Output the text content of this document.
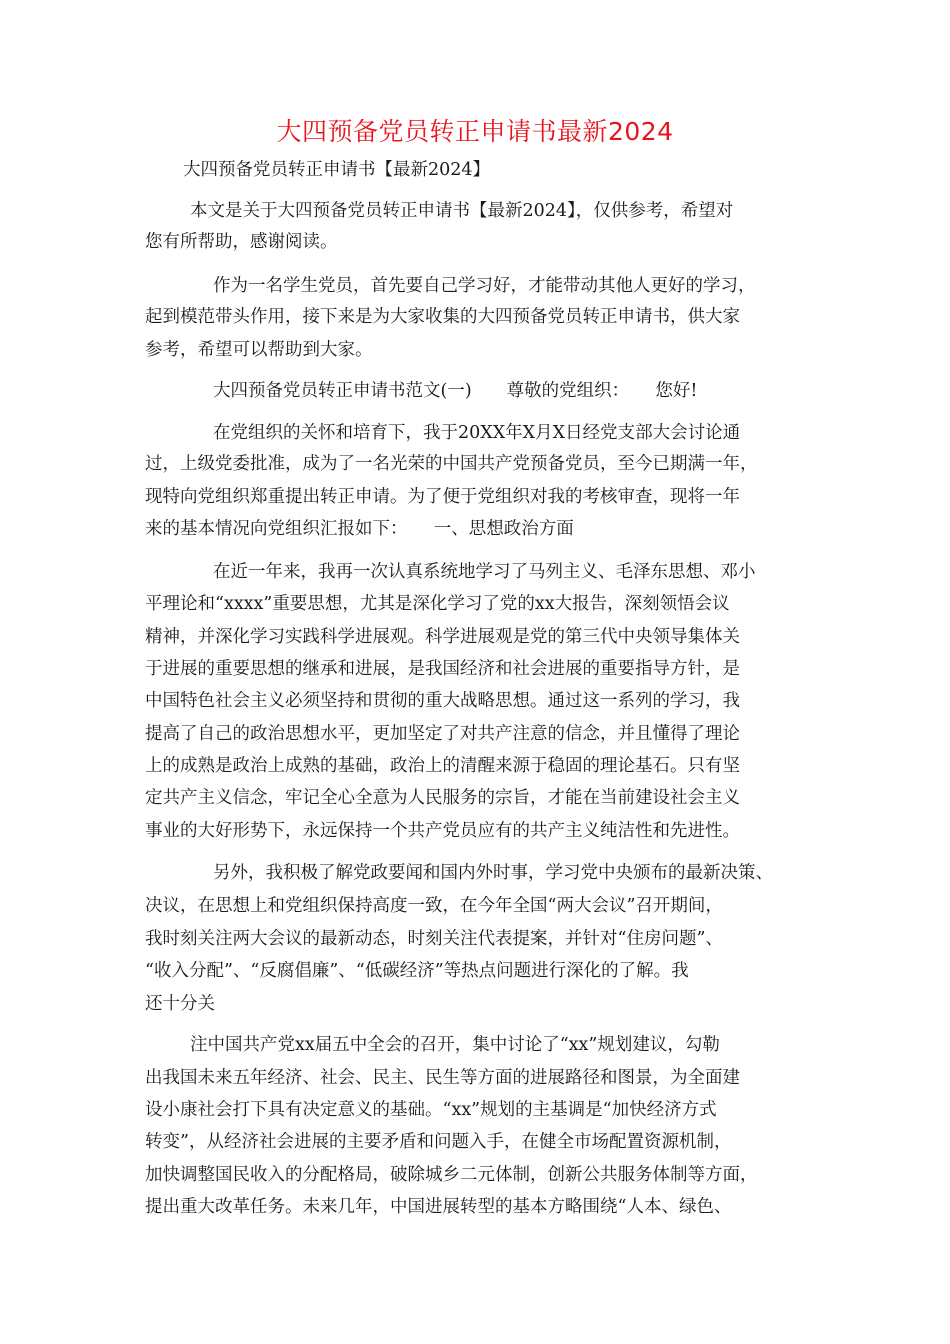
大四预备党员转正申请书最新2024
大四预备党员转正申请书【最新2024】
本文是关于大四预备党员转正申请书【最新2024】，仅供参考，希望对
您有所帮助，感谢阅读。
作为一名学生党员，首先要自己学习好，才能带动其他人更好的学习，
起到模范带头作用，接下来是为大家收集的大四预备党员转正申请书，供大家
参考，希望可以帮助到大家。
大四预备党员转正申请书范文(一)　　尊敬的党组织：　　您好!
在党组织的关怀和培育下，我于20XX年X月X日经党支部大会讨论通
过，上级党委批准，成为了一名光荣的中国共产党预备党员，至今已期满一年，
现特向党组织郑重提出转正申请。为了便于党组织对我的考核审查，现将一年
来的基本情况向党组织汇报如下：　　一、思想政治方面
在近一年来，我再一次认真系统地学习了马列主义、毛泽东思想、邓小
平理论和“xxxx”重要思想，尤其是深化学习了党的xx大报告，深刻领悟会议
精神，并深化学习实践科学进展观。科学进展观是党的第三代中央领导集体关
于进展的重要思想的继承和进展，是我国经济和社会进展的重要指导方针，是
中国特色社会主义必须坚持和贯彻的重大战略思想。通过这一系列的学习，我
提高了自己的政治思想水平，更加坚定了对共产注意的信念，并且懂得了理论
上的成熟是政治上成熟的基础，政治上的清醒来源于稳固的理论基石。只有坚
定共产主义信念，牢记全心全意为人民服务的宗旨，才能在当前建设社会主义
事业的大好形势下，永远保持一个共产党员应有的共产主义纯洁性和先进性。
另外，我积极了解党政要闻和国内外时事，学习党中央颁布的最新决策、
决议，在思想上和党组织保持高度一致，在今年全国“两大会议”召开期间，
我时刻关注两大会议的最新动态，时刻关注代表提案，并针对“住房问题”、
“收入分配”、“反腐倡廉”、“低碳经济”等热点问题进行深化的了解。我
还十分关
注中国共产党xx届五中全会的召开，集中讨论了“xx”规划建议，勾勒
出我国未来五年经济、社会、民主、民生等方面的进展路径和图景，为全面建
设小康社会打下具有决定意义的基础。“xx”规划的主基调是“加快经济方式
转变”，从经济社会进展的主要矛盾和问题入手，在健全市场配置资源机制，
加快调整国民收入的分配格局，破除城乡二元体制，创新公共服务体制等方面，
提出重大改革任务。未来几年，中国进展转型的基本方略围绕“人本、绿色、
